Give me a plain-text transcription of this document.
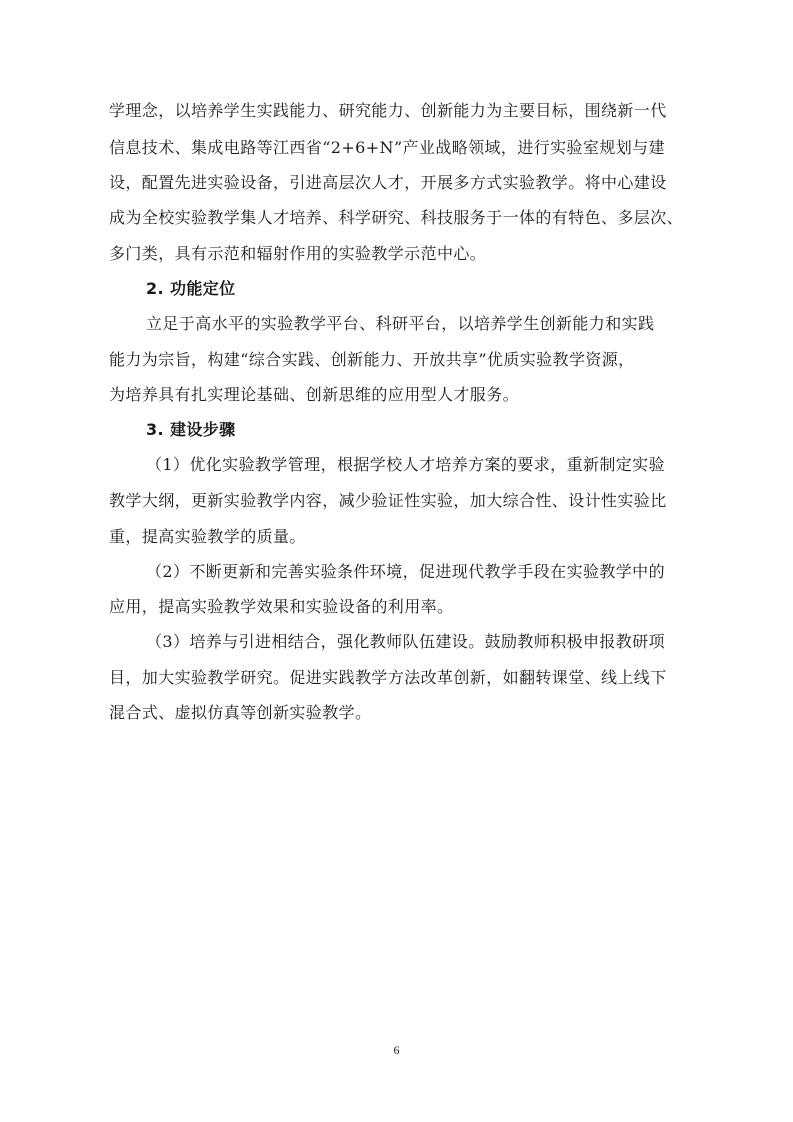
学理念，以培养学生实践能力、研究能力、创新能力为主要目标，围绕新一代
信息技术、集成电路等江西省“2+6+N”产业战略领域，进行实验室规划与建
设，配置先进实验设备，引进高层次人才，开展多方式实验教学。将中心建设
成为全校实验教学集人才培养、科学研究、科技服务于一体的有特色、多层次、
多门类，具有示范和辐射作用的实验教学示范中心。
2. 功能定位
立足于高水平的实验教学平台、科研平台，以培养学生创新能力和实践
能力为宗旨，构建“综合实践、创新能力、开放共享”优质实验教学资源，
为培养具有扎实理论基础、创新思维的应用型人才服务。
3. 建设步骤
（1）优化实验教学管理，根据学校人才培养方案的要求，重新制定实验
教学大纲，更新实验教学内容，减少验证性实验，加大综合性、设计性实验比
重，提高实验教学的质量。
（2）不断更新和完善实验条件环境，促进现代教学手段在实验教学中的
应用，提高实验教学效果和实验设备的利用率。
（3）培养与引进相结合，强化教师队伍建设。鼓励教师积极申报教研项
目，加大实验教学研究。促进实践教学方法改革创新，如翻转课堂、线上线下
混合式、虚拟仿真等创新实验教学。
6
